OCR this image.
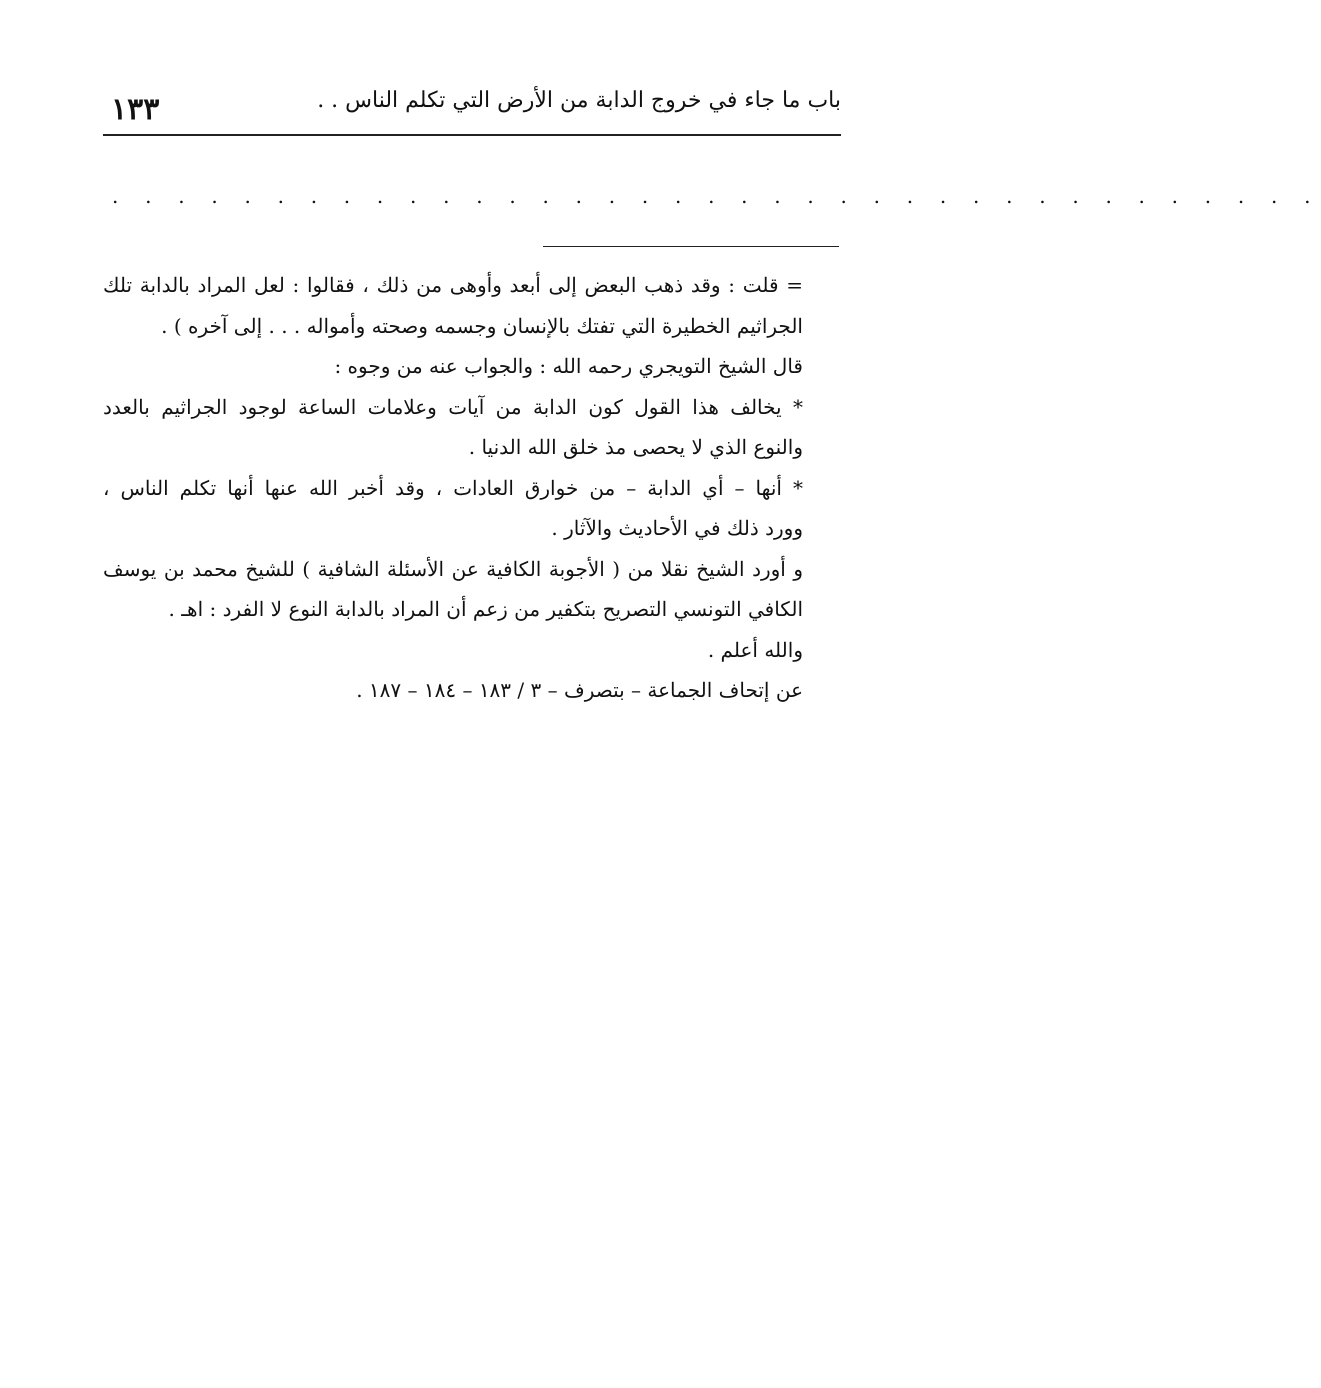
١٣٣	باب ما جاء في خروج الدابة من الأرض التي تكلم الناس . .
. . . . . . . . . . . . . . . . . . . . . . . . . . . . . . . . . . . . .
= قلت : وقد ذهب البعض إلى أبعد وأوهى من ذلك ، فقالوا : لعل المراد بالدابة تلك
الجراثيم الخطيرة التي تفتك بالإنسان وجسمه وصحته وأمواله . . . إلى آخره ) .
قال الشيخ التويجري رحمه الله : والجواب عنه من وجوه :
* يخالف هذا القول كون الدابة من آيات وعلامات الساعة لوجود الجراثيم بالعدد
والنوع الذي لا يحصى مذ خلق الله الدنيا .
* أنها – أي الدابة – من خوارق العادات ، وقد أخبر الله عنها أنها تكلم الناس ،
وورد ذلك في الأحاديث والآثار .
و أورد الشيخ نقلا من ( الأجوبة الكافية عن الأسئلة الشافية ) للشيخ محمد بن يوسف
الكافي التونسي التصريح بتكفير من زعم أن المراد بالدابة النوع لا الفرد : اهـ .
والله أعلم .
عن إتحاف الجماعة – بتصرف – ٣ / ١٨٣ – ١٨٤ – ١٨٧ .
